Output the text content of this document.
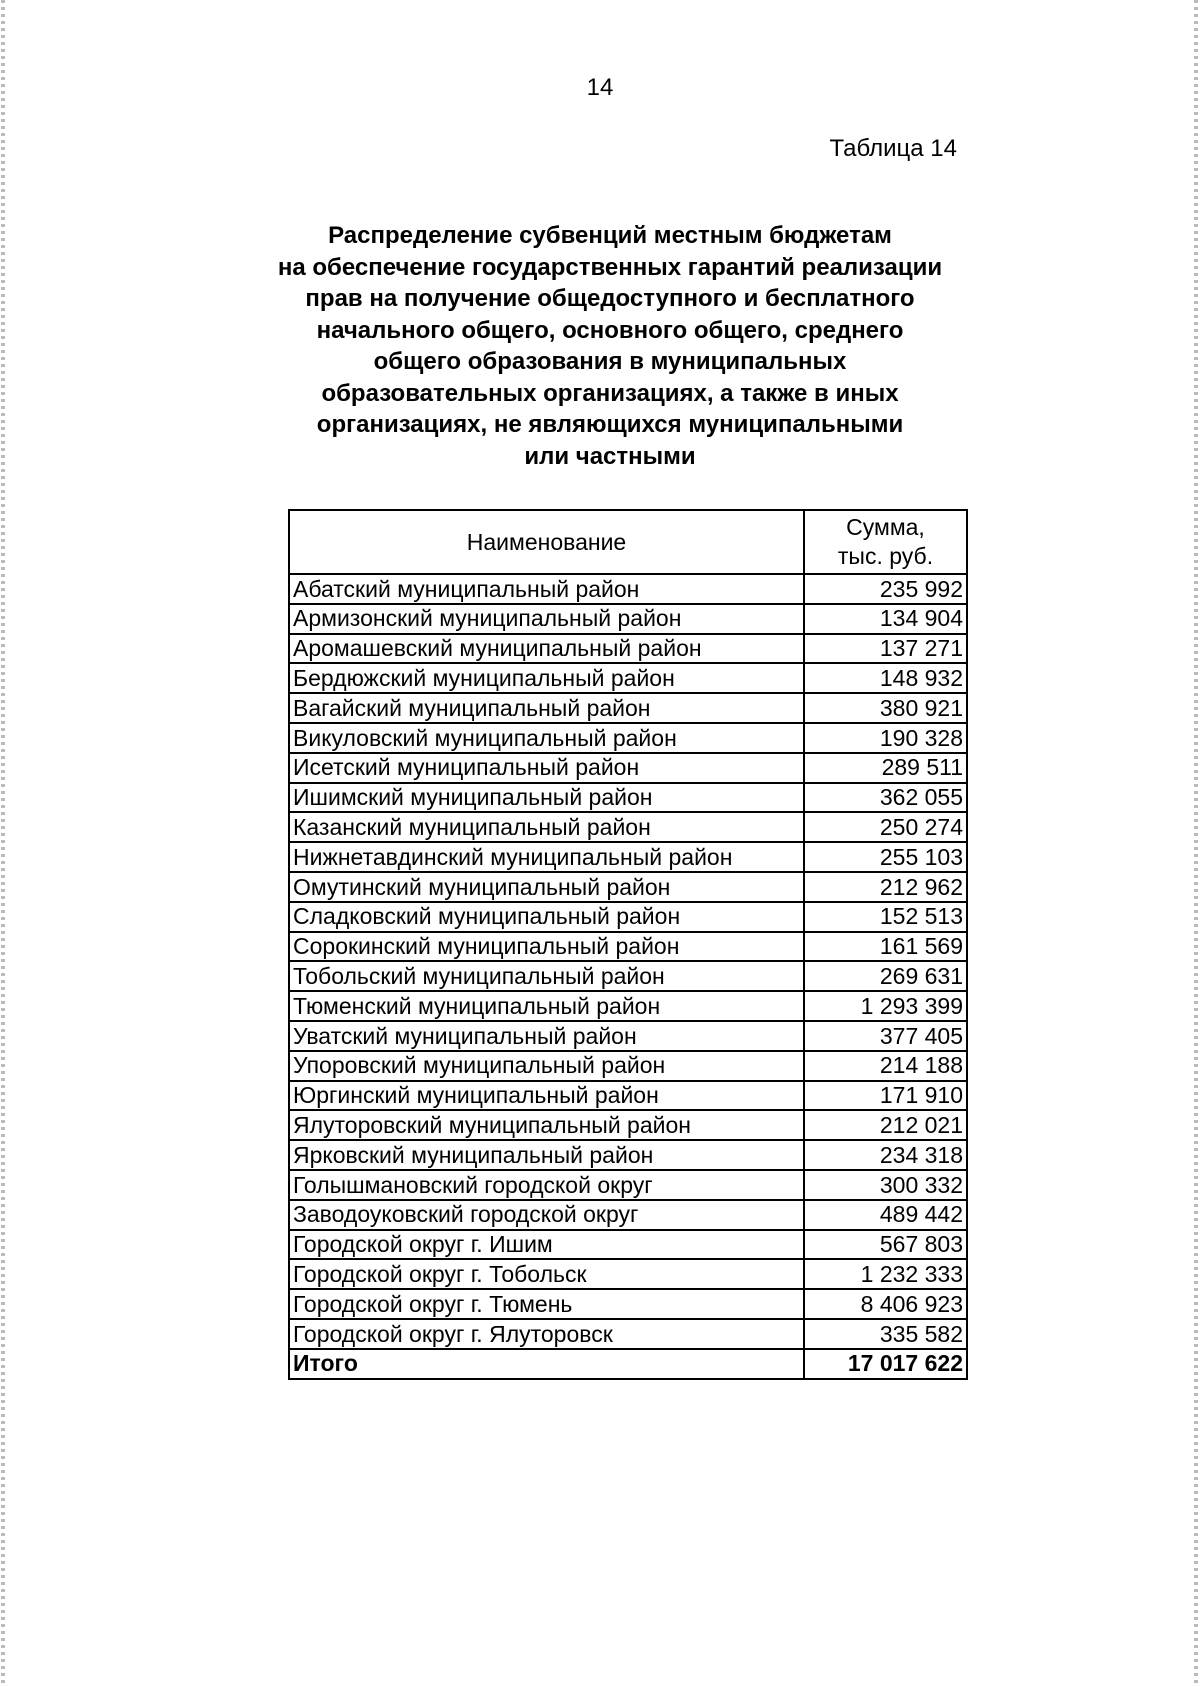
14
Таблица 14
Распределение субвенций местным бюджетам
на обеспечение государственных гарантий реализации
прав на получение общедоступного и бесплатного
начального общего, основного общего, среднего
общего образования в муниципальных
образовательных организациях, а также в иных
организациях, не являющихся муниципальными
или частными
Наименование	Сумма,
тыс. руб.
Абатский муниципальный район	235 992
Армизонский муниципальный район	134 904
Аромашевский муниципальный район	137 271
Бердюжский муниципальный район	148 932
Вагайский муниципальный район	380 921
Викуловский муниципальный район	190 328
Исетский муниципальный район	289 511
Ишимский муниципальный район	362 055
Казанский муниципальный район	250 274
Нижнетавдинский муниципальный район	255 103
Омутинский муниципальный район	212 962
Сладковский муниципальный район	152 513
Сорокинский муниципальный район	161 569
Тобольский муниципальный район	269 631
Тюменский муниципальный район	1 293 399
Уватский муниципальный район	377 405
Упоровский муниципальный район	214 188
Юргинский муниципальный район	171 910
Ялуторовский муниципальный район	212 021
Ярковский муниципальный район	234 318
Голышмановский городской округ	300 332
Заводоуковский городской округ	489 442
Городской округ г. Ишим	567 803
Городской округ г. Тобольск	1 232 333
Городской округ г. Тюмень	8 406 923
Городской округ г. Ялуторовск	335 582
Итого	17 017 622
